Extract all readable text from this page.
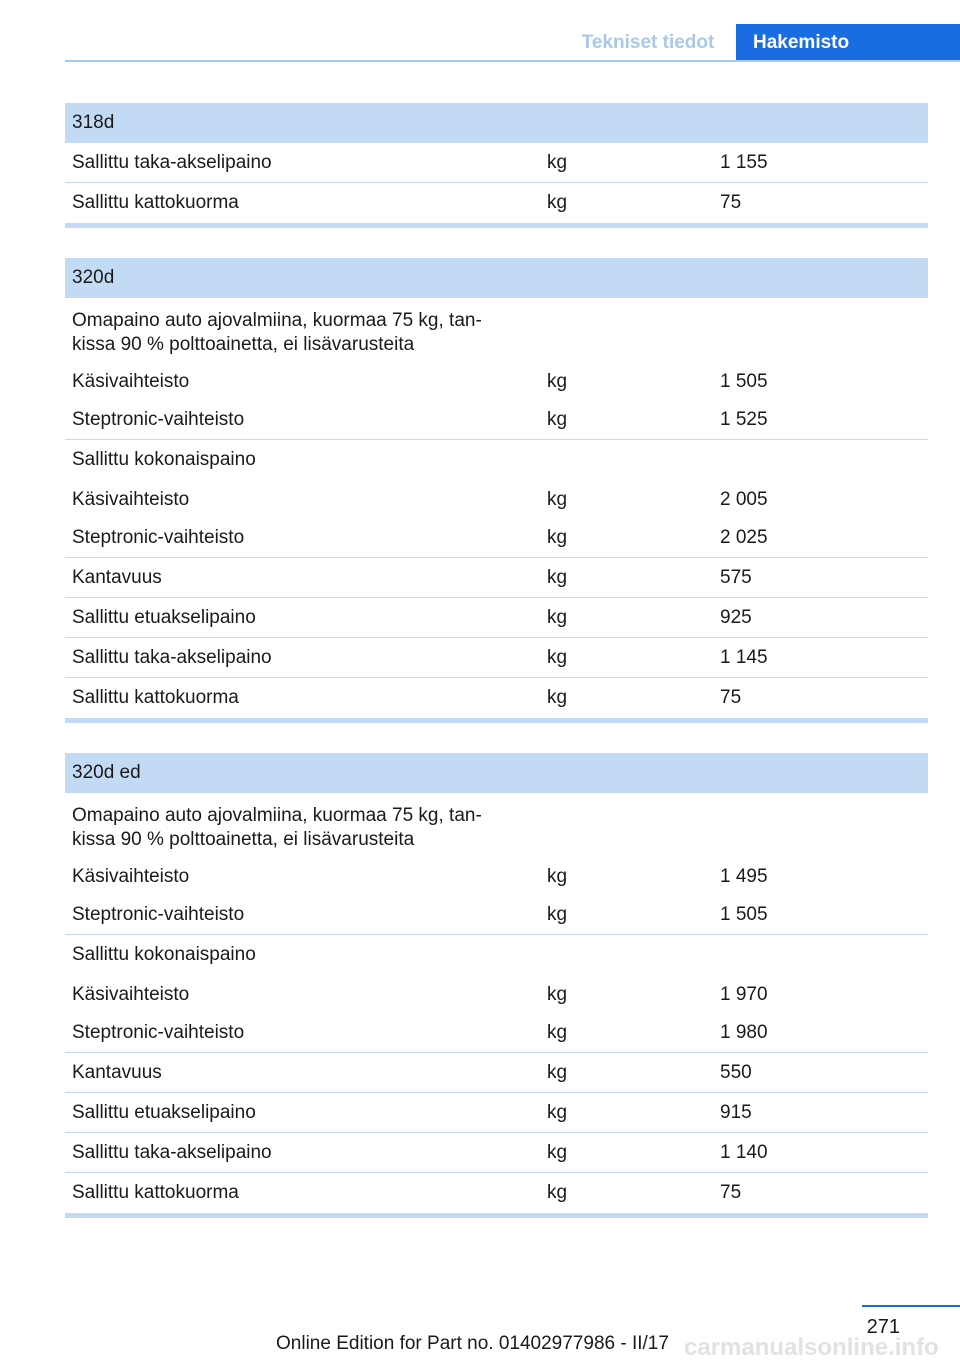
Tekniset tiedot	Hakemisto
318d
Sallittu taka-akselipaino	kg	1 155
Sallittu kattokuorma	kg	75
320d
Omapaino auto ajovalmiina, kuormaa 75 kg, tan-
kissa 90 % polttoainetta, ei lisävarusteita
Käsivaihteisto	kg	1 505
Steptronic-vaihteisto	kg	1 525
Sallittu kokonaispaino
Käsivaihteisto	kg	2 005
Steptronic-vaihteisto	kg	2 025
Kantavuus	kg	575
Sallittu etuakselipaino	kg	925
Sallittu taka-akselipaino	kg	1 145
Sallittu kattokuorma	kg	75
320d ed
Omapaino auto ajovalmiina, kuormaa 75 kg, tan-
kissa 90 % polttoainetta, ei lisävarusteita
Käsivaihteisto	kg	1 495
Steptronic-vaihteisto	kg	1 505
Sallittu kokonaispaino
Käsivaihteisto	kg	1 970
Steptronic-vaihteisto	kg	1 980
Kantavuus	kg	550
Sallittu etuakselipaino	kg	915
Sallittu taka-akselipaino	kg	1 140
Sallittu kattokuorma	kg	75
271
Online Edition for Part no. 01402977986 - II/17 carmanualsonline.info
